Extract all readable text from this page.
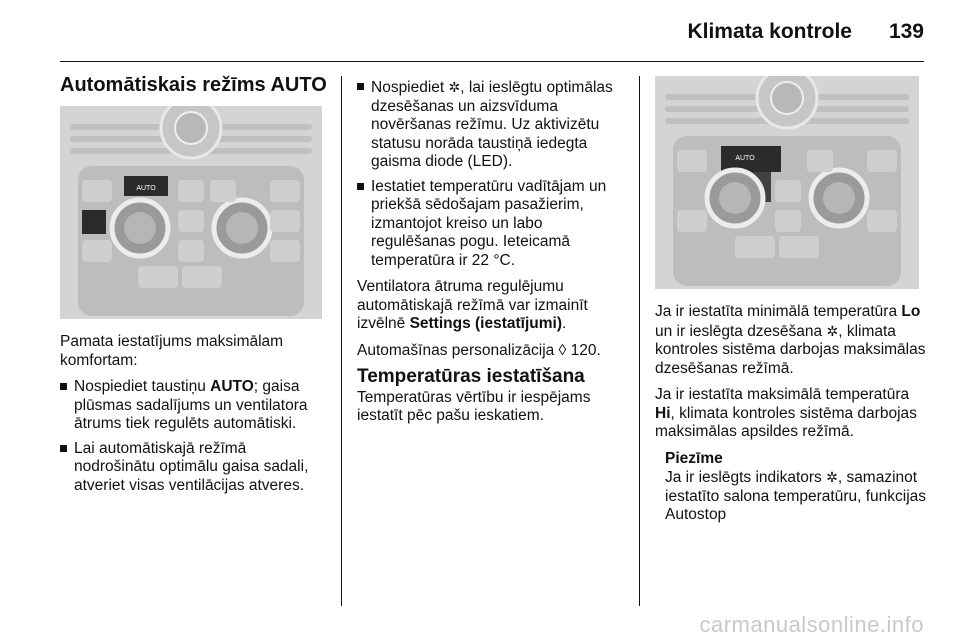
Klimata kontrole 139
Automātiskais režīms AUTO
AUTO

Pamata iestatījums maksimālam komfortam:

Nospiediet taustiņu AUTO; gaisa plūsmas sadalījums un ventilatora ātrums tiek regulēts automātiski.
Lai automātiskajā režīmā nodrošinātu optimālu gaisa sadali, atveriet visas ventilācijas atveres.
Nospiediet ✲, lai ieslēgtu optimālas dzesēšanas un aizsvīduma novēršanas režīmu. Uz aktivizētu statusu norāda taustiņā iedegta gaisma diode (LED).
Iestatiet temperatūru vadītājam un priekšā sēdošajam pasažierim, izmantojot kreiso un labo regulēšanas pogu. Ieteicamā temperatūra ir 22 °C.

Ventilatora ātruma regulējumu automātiskajā režīmā var izmainīt izvēlnē Settings (iestatījumi).

Automašīnas personalizācija ◊ 120.

Temperatūras iestatīšana

Temperatūras vērtību ir iespējams iestatīt pēc pašu ieskatiem.

AUTO

Ja ir iestatīta minimālā temperatūra Lo un ir ieslēgta dzesēšana ✲, klimata kontroles sistēma darbojas maksimālas dzesēšanas režīmā.

Ja ir iestatīta maksimālā temperatūra Hi, klimata kontroles sistēma darbojas maksimālas apsildes režīmā.

Piezīme
Ja ir ieslēgts indikators ✲, samazinot iestatīto salona temperatūru, funkcijas Autostop
carmanualsonline.info
